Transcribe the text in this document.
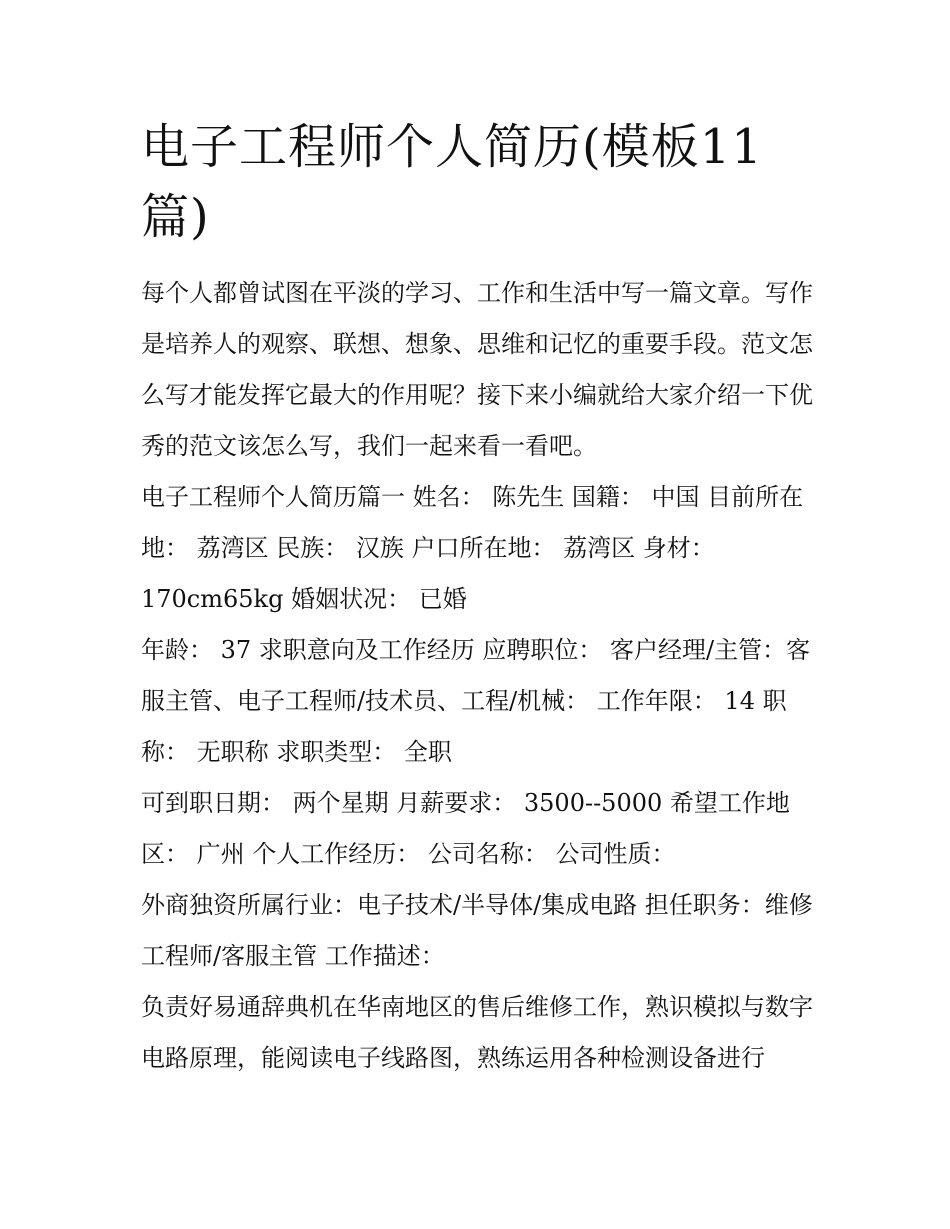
电子工程师个人简历(模板11篇)

每个人都曾试图在平淡的学习、工作和生活中写一篇文章。写作是培养人的观察、联想、想象、思维和记忆的重要手段。范文怎么写才能发挥它最大的作用呢？接下来小编就给大家介绍一下优秀的范文该怎么写，我们一起来看一看吧。

电子工程师个人简历篇一 姓名： 陈先生 国籍： 中国 目前所在地： 荔湾区 民族： 汉族 户口所在地： 荔湾区 身材：170cm65kg 婚姻状况： 已婚

年龄： 37 求职意向及工作经历 应聘职位： 客户经理/主管：客服主管、电子工程师/技术员、工程/机械： 工作年限： 14 职称： 无职称 求职类型： 全职

可到职日期： 两个星期 月薪要求： 3500--5000 希望工作地区： 广州 个人工作经历： 公司名称： 公司性质：

外商独资所属行业：电子技术/半导体/集成电路 担任职务：维修工程师/客服主管 工作描述：

负责好易通辞典机在华南地区的售后维修工作，熟识模拟与数字电路原理，能阅读电子线路图，熟练运用各种检测设备进行
